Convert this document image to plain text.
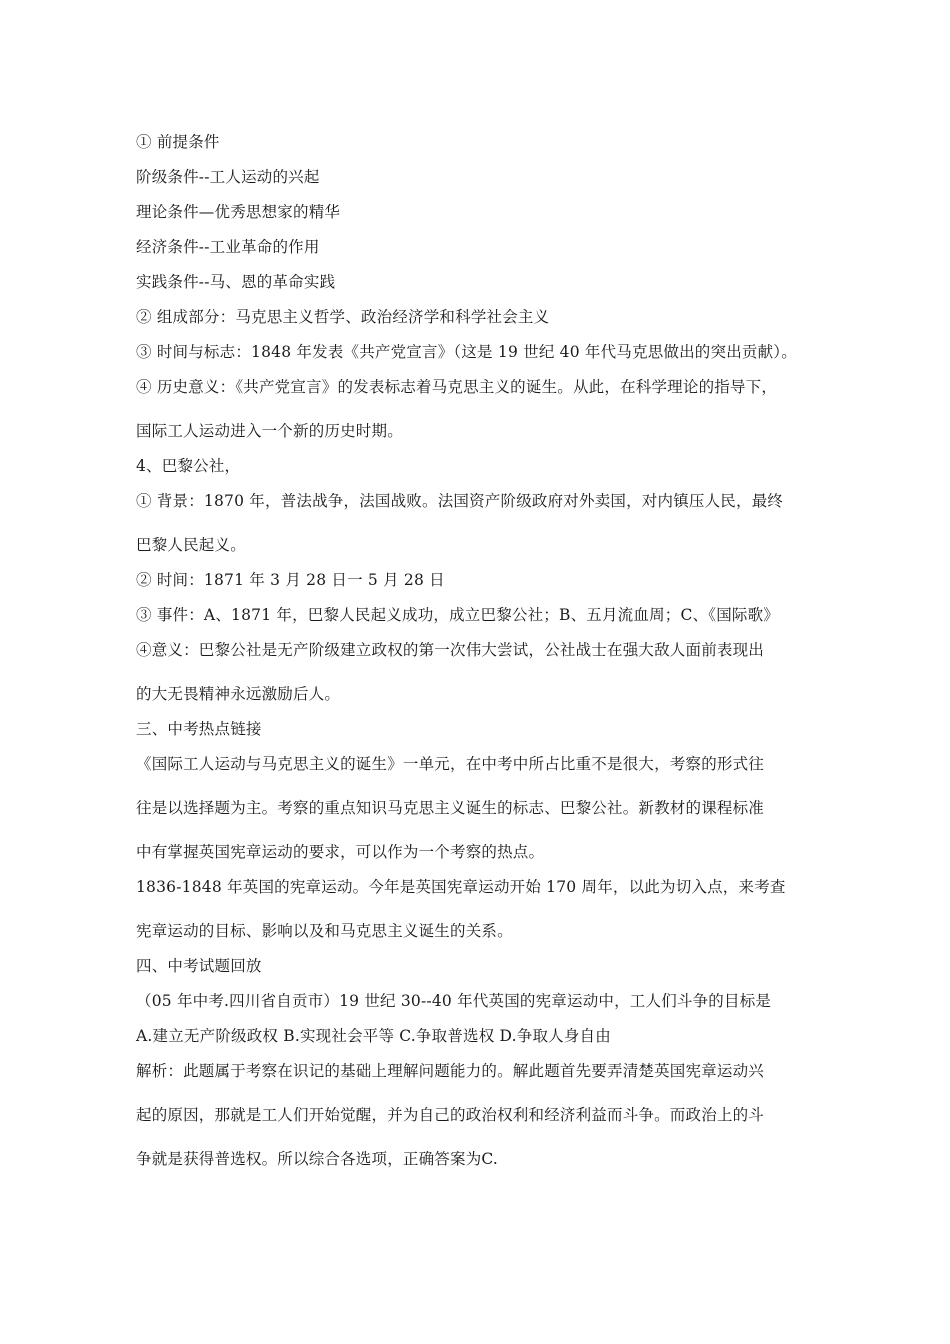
① 前提条件
阶级条件--工人运动的兴起
理论条件—优秀思想家的精华
经济条件--工业革命的作用
实践条件--马、恩的革命实践
② 组成部分：马克思主义哲学、政治经济学和科学社会主义
③ 时间与标志：1848 年发表《共产党宣言》（这是 19 世纪 40 年代马克思做出的突出贡献）。
④ 历史意义：《共产党宣言》的发表标志着马克思主义的诞生。从此，在科学理论的指导下，
国际工人运动进入一个新的历史时期。
4、巴黎公社，
① 背景：1870 年，普法战争，法国战败。法国资产阶级政府对外卖国，对内镇压人民，最终
巴黎人民起义。
② 时间：1871 年 3 月 28 日一 5 月 28 日
③ 事件：A、1871 年，巴黎人民起义成功，成立巴黎公社；B、五月流血周；C、《国际歌》
④意义：巴黎公社是无产阶级建立政权的第一次伟大尝试，公社战士在强大敌人面前表现出
的大无畏精神永远激励后人。
三、中考热点链接
《国际工人运动与马克思主义的诞生》一单元，在中考中所占比重不是很大，考察的形式往
往是以选择题为主。考察的重点知识马克思主义诞生的标志、巴黎公社。新教材的课程标准
中有掌握英国宪章运动的要求，可以作为一个考察的热点。
1836-1848 年英国的宪章运动。今年是英国宪章运动开始 170 周年，以此为切入点，来考查
宪章运动的目标、影响以及和马克思主义诞生的关系。
四、中考试题回放
（05 年中考.四川省自贡市）19 世纪 30--40 年代英国的宪章运动中，工人们斗争的目标是
A.建立无产阶级政权 B.实现社会平等 C.争取普选权 D.争取人身自由
解析：此题属于考察在识记的基础上理解问题能力的。解此题首先要弄清楚英国宪章运动兴
起的原因，那就是工人们开始觉醒，并为自己的政治权利和经济利益而斗争。而政治上的斗
争就是获得普选权。所以综合各选项，正确答案为C.
